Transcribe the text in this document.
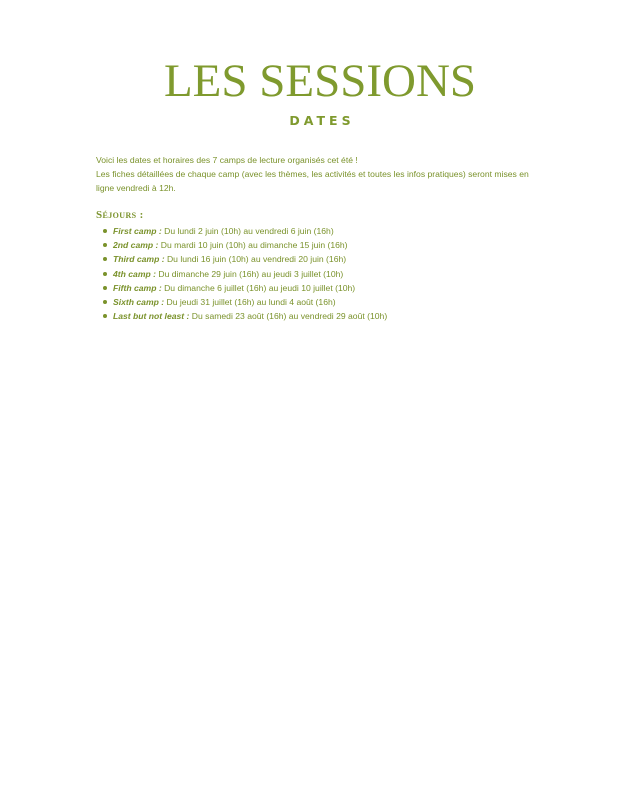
LES SESSIONS
DATES

Voici les dates et horaires des 7 camps de lecture organisés cet été !

Les fiches détaillées de chaque camp (avec les thèmes, les activités et toutes les infos pratiques) seront mises en ligne vendredi à 12h.

Séjours :
First camp : Du lundi 2 juin (10h) au vendredi 6 juin (16h)
2nd camp : Du mardi 10 juin (10h) au dimanche 15 juin (16h)
Third camp : Du lundi 16 juin (10h) au vendredi 20 juin (16h)
4th camp : Du dimanche 29 juin (16h) au jeudi 3 juillet (10h)
Fifth camp : Du dimanche 6 juillet (16h) au jeudi 10 juillet (10h)
Sixth camp : Du jeudi 31 juillet (16h) au lundi 4 août (16h)
Last but not least : Du samedi 23 août (16h) au vendredi 29 août (10h)
